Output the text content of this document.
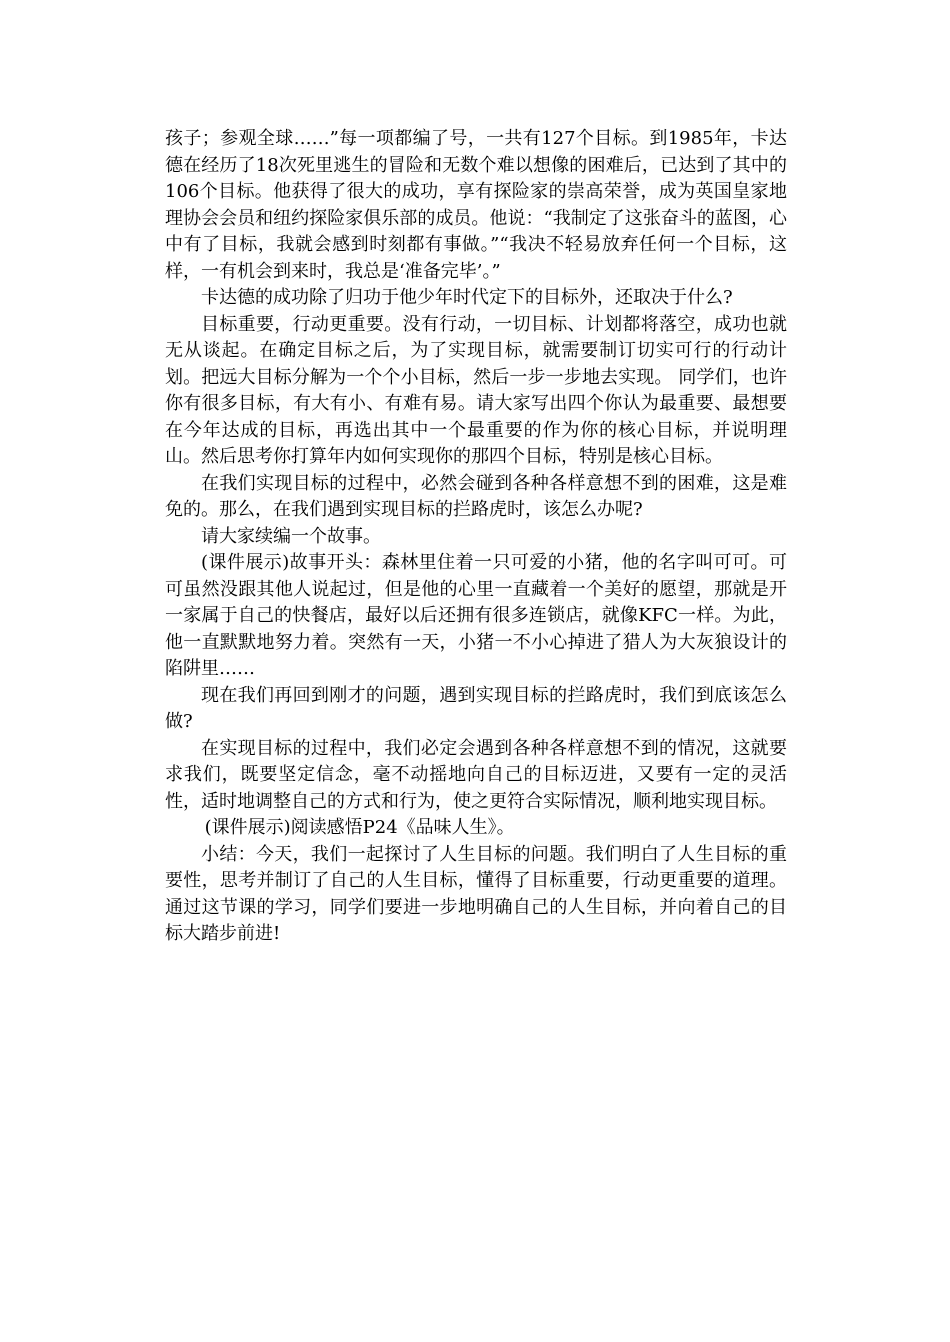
孩子；参观全球……”每一项都编了号，一共有127个目标。到1985年，卡达德在经历了18次死里逃生的冒险和无数个难以想像的困难后，已达到了其中的106个目标。他获得了很大的成功，享有探险家的崇高荣誉，成为英国皇家地理协会会员和纽约探险家俱乐部的成员。他说：“我制定了这张奋斗的蓝图，心中有了目标，我就会感到时刻都有事做。”“我决不轻易放弃任何一个目标，这样，一有机会到来时，我总是‘准备完毕’。”

卡达德的成功除了归功于他少年时代定下的目标外，还取决于什么?

目标重要，行动更重要。没有行动，一切目标、计划都将落空，成功也就无从谈起。在确定目标之后，为了实现目标，就需要制订切实可行的行动计划。把远大目标分解为一个个小目标，然后一步一步地去实现。 同学们，也许你有很多目标，有大有小、有难有易。请大家写出四个你认为最重要、最想要在今年达成的目标，再选出其中一个最重要的作为你的核心目标，并说明理山。然后思考你打算年内如何实现你的那四个目标，特别是核心目标。

在我们实现目标的过程中，必然会碰到各种各样意想不到的困难，这是难免的。那么，在我们遇到实现目标的拦路虎时，该怎么办呢?

请大家续编一个故事。

(课件展示)故事开头：森林里住着一只可爱的小猪，他的名字叫可可。可可虽然没跟其他人说起过，但是他的心里一直藏着一个美好的愿望，那就是开一家属于自己的快餐店，最好以后还拥有很多连锁店，就像KFC一样。为此，他一直默默地努力着。突然有一天，小猪一不小心掉进了猎人为大灰狼设计的陷阱里……

现在我们再回到刚才的问题，遇到实现目标的拦路虎时，我们到底该怎么做?

在实现目标的过程中，我们必定会遇到各种各样意想不到的情况，这就要求我们，既要坚定信念，毫不动摇地向自己的目标迈进，又要有一定的灵活性，适时地调整自己的方式和行为，使之更符合实际情况，顺利地实现目标。

(课件展示)阅读感悟P24《品味人生》。

小结：今天，我们一起探讨了人生目标的问题。我们明白了人生目标的重要性，思考并制订了自己的人生目标，懂得了目标重要，行动更重要的道理。通过这节课的学习，同学们要进一步地明确自己的人生目标，并向着自己的目标大踏步前进!
